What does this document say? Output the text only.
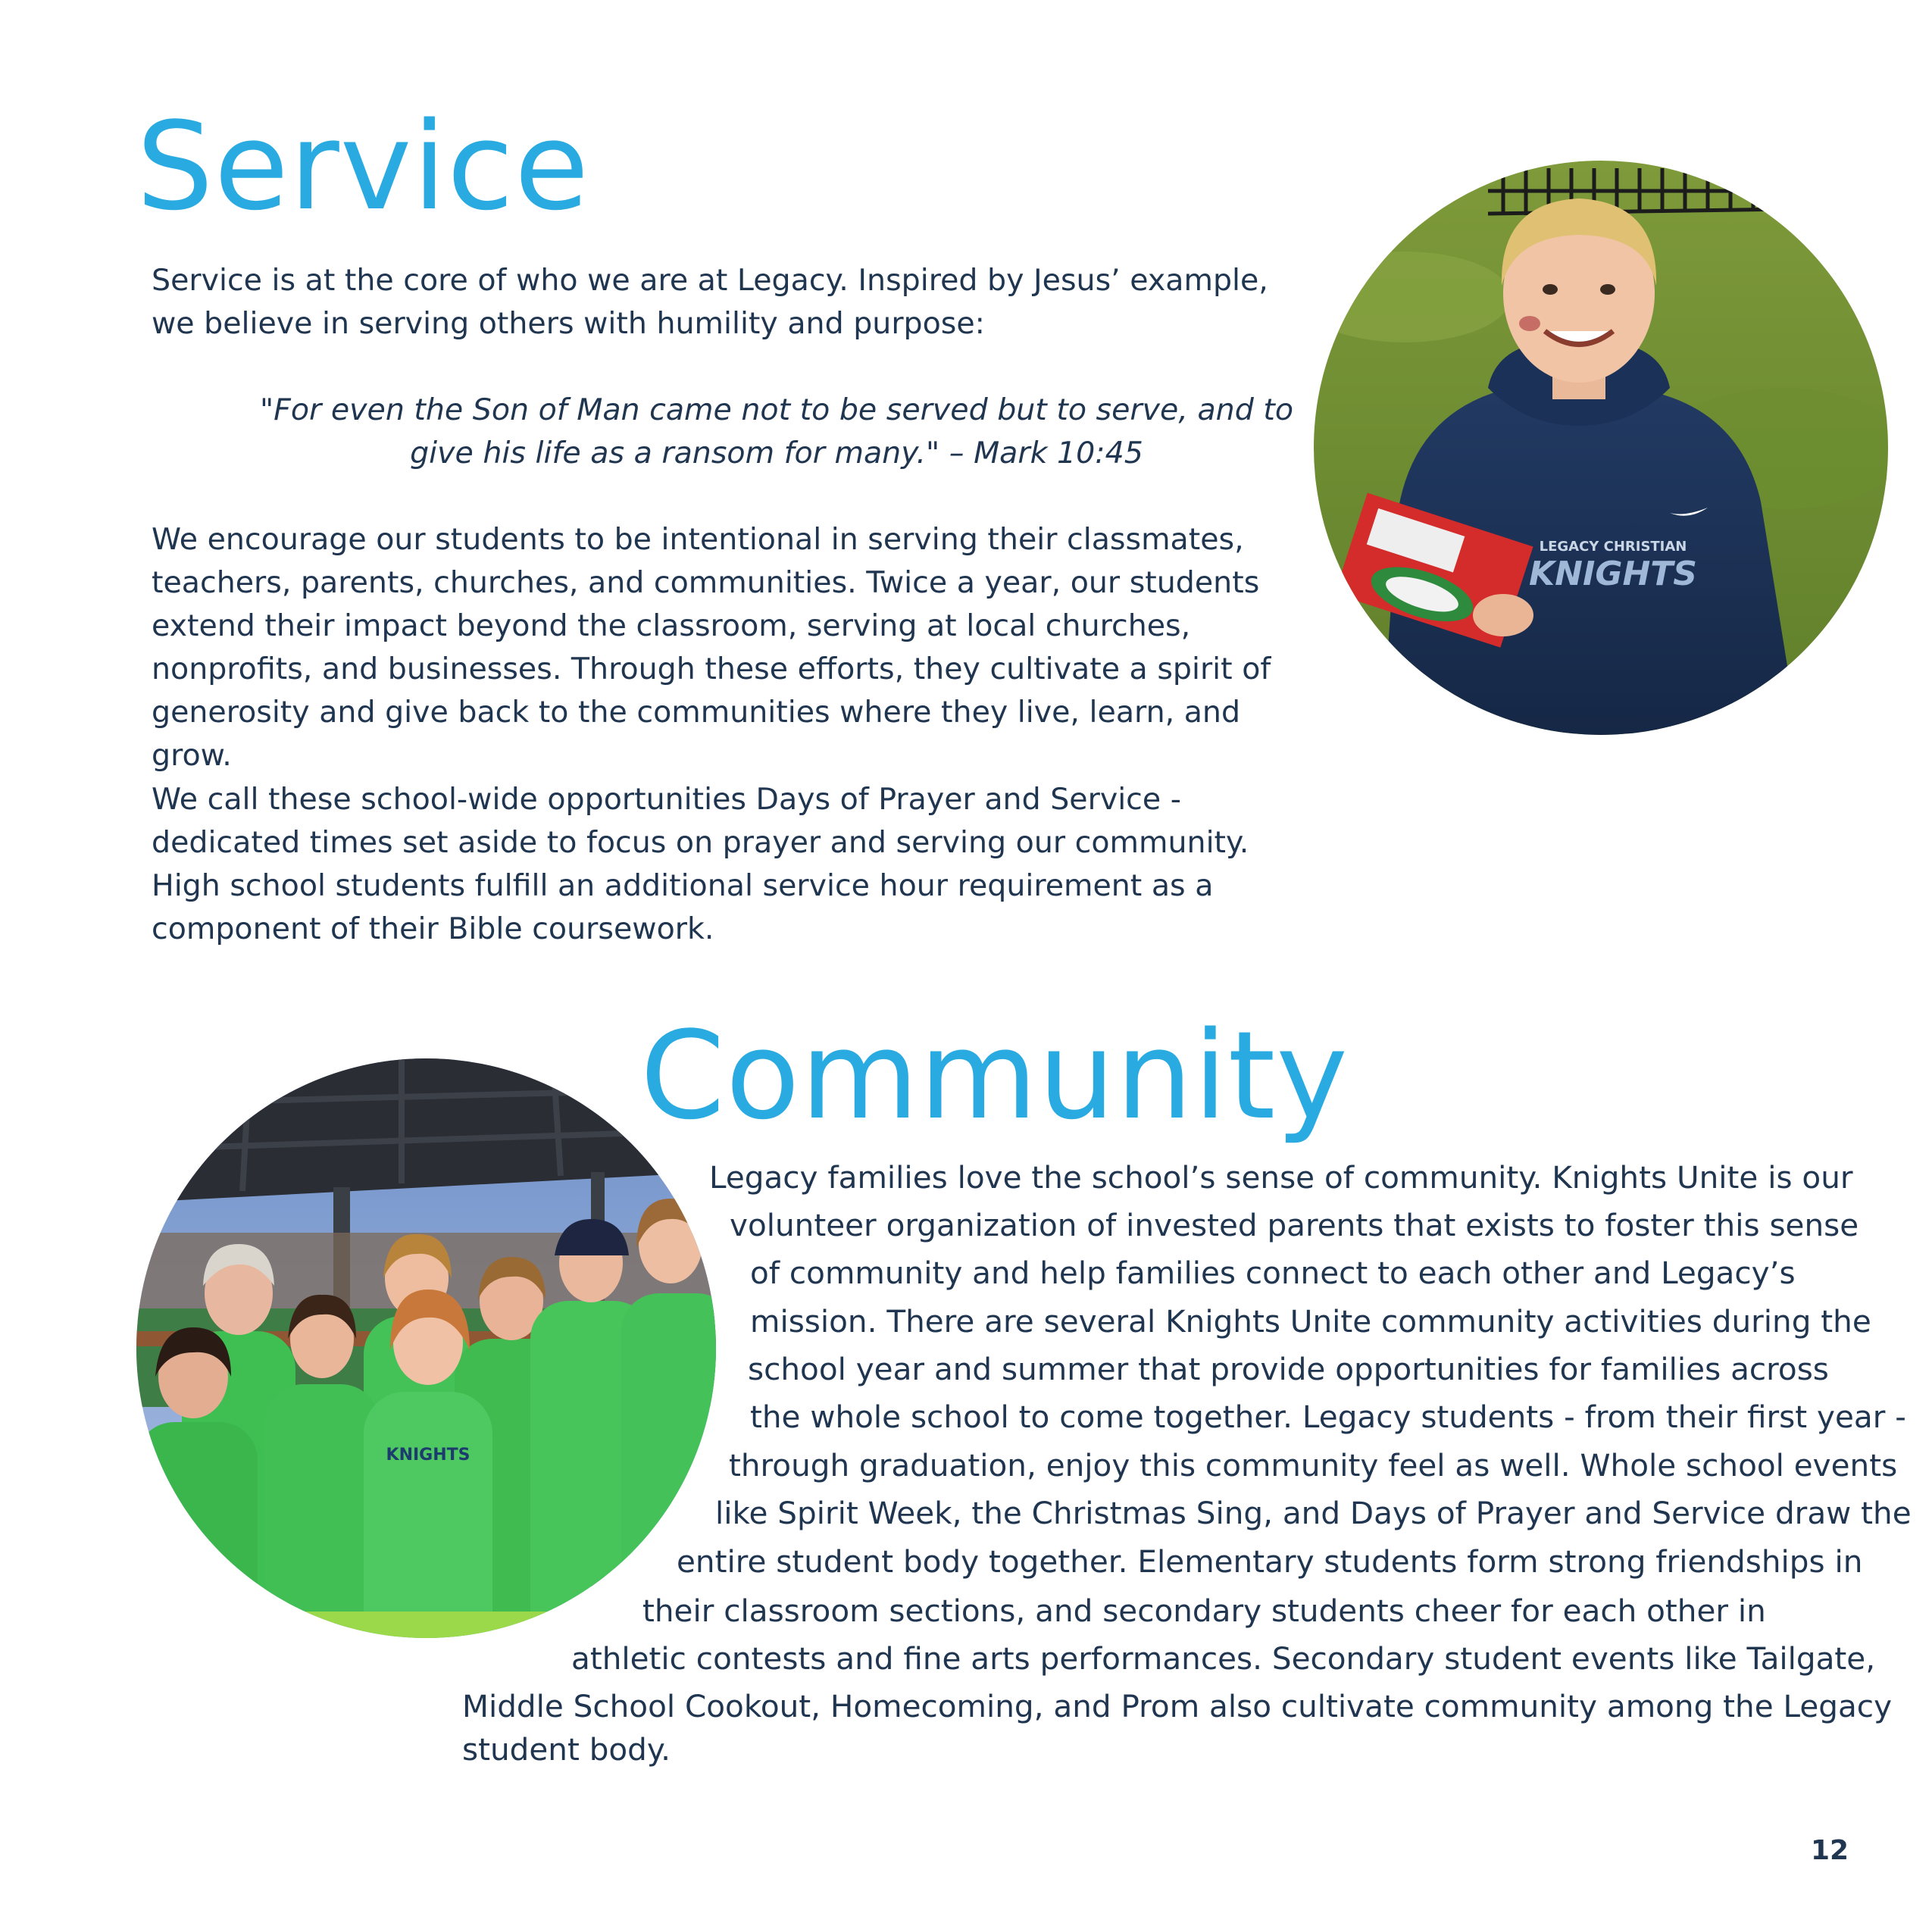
Service

Service is at the core of who we are at Legacy. Inspired by Jesus’ example, we believe in serving others with humility and purpose:

"For even the Son of Man came not to be served but to serve, and to
give his life as a ransom for many." – Mark 10:45

We encourage our students to be intentional in serving their classmates, teachers, parents, churches, and communities. Twice a year, our students extend their impact beyond the classroom, serving at local churches, nonprofits, and businesses. Through these efforts, they cultivate a spirit of generosity and give back to the communities where they live, learn, and grow.

We call these school-wide opportunities Days of Prayer and Service - dedicated times set aside to focus on prayer and serving our community. High school students fulfill an additional service hour requirement as a component of their Bible coursework.

LEGACY CHRISTIAN
KNIGHTS
Community
KNIGHTS
Legacy families love the school’s sense of community. Knights Unite is our
volunteer organization of invested parents that exists to foster this sense
of community and help families connect to each other and Legacy’s
mission. There are several Knights Unite community activities during the
school year and summer that provide opportunities for families across
the whole school to come together. Legacy students - from their first year -
through graduation, enjoy this community feel as well. Whole school events
like Spirit Week, the Christmas Sing, and Days of Prayer and Service draw the
entire student body together. Elementary students form strong friendships in
their classroom sections, and secondary students cheer for each other in
athletic contests and fine arts performances. Secondary student events like Tailgate,
Middle School Cookout, Homecoming, and Prom also cultivate community among the Legacy
student body.
12
